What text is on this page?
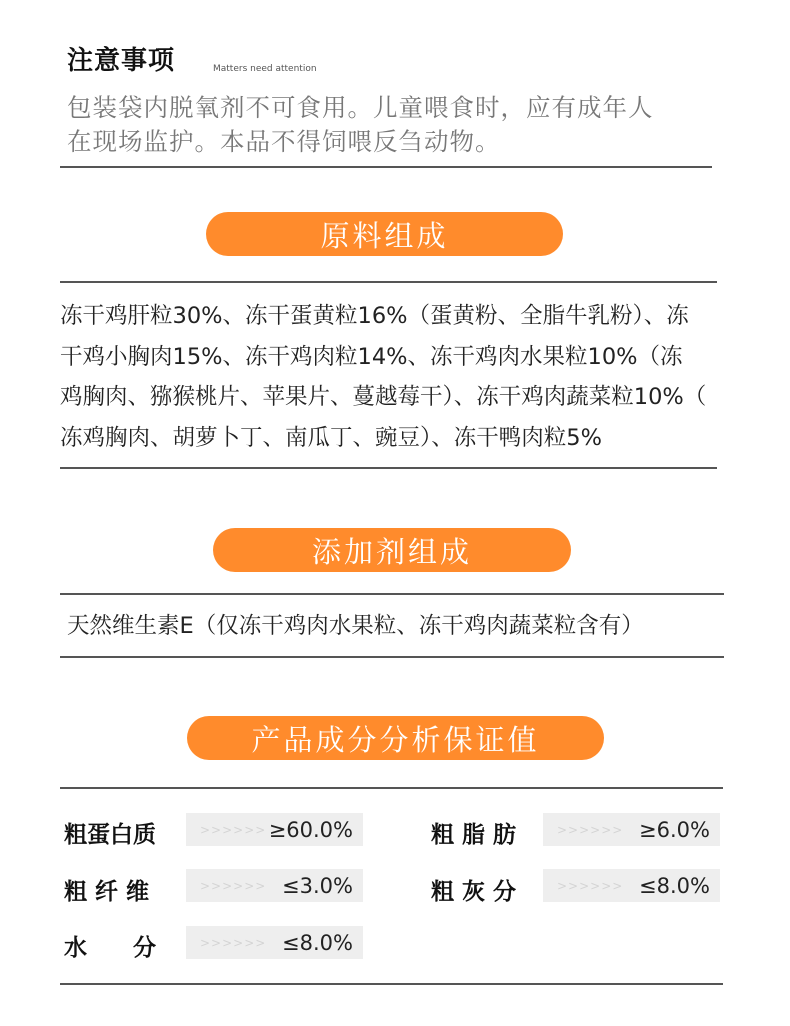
注意事项	Matters need attention
包装袋内脱氧剂不可食用。儿童喂食时，应有成年人
在现场监护。本品不得饲喂反刍动物。
原料组成
冻干鸡肝粒30%、冻干蛋黄粒16%（蛋黄粉、全脂牛乳粉）、冻
干鸡小胸肉15%、冻干鸡肉粒14%、冻干鸡肉水果粒10%（冻
鸡胸肉、猕猴桃片、苹果片、蔓越莓干）、冻干鸡肉蔬菜粒10%（
冻鸡胸肉、胡萝卜丁、南瓜丁、豌豆）、冻干鸭肉粒5%
添加剂组成
天然维生素E（仅冻干鸡肉水果粒、冻干鸡肉蔬菜粒含有）
产品成分分析保证值
粗蛋白质	>>>>>> ≥60.0%	粗 脂 肪	>>>>>> ≥6.0%
粗 纤 维	>>>>>> ≤3.0%	粗 灰 分	>>>>>> ≤8.0%
水　　分	>>>>>> ≤8.0%
